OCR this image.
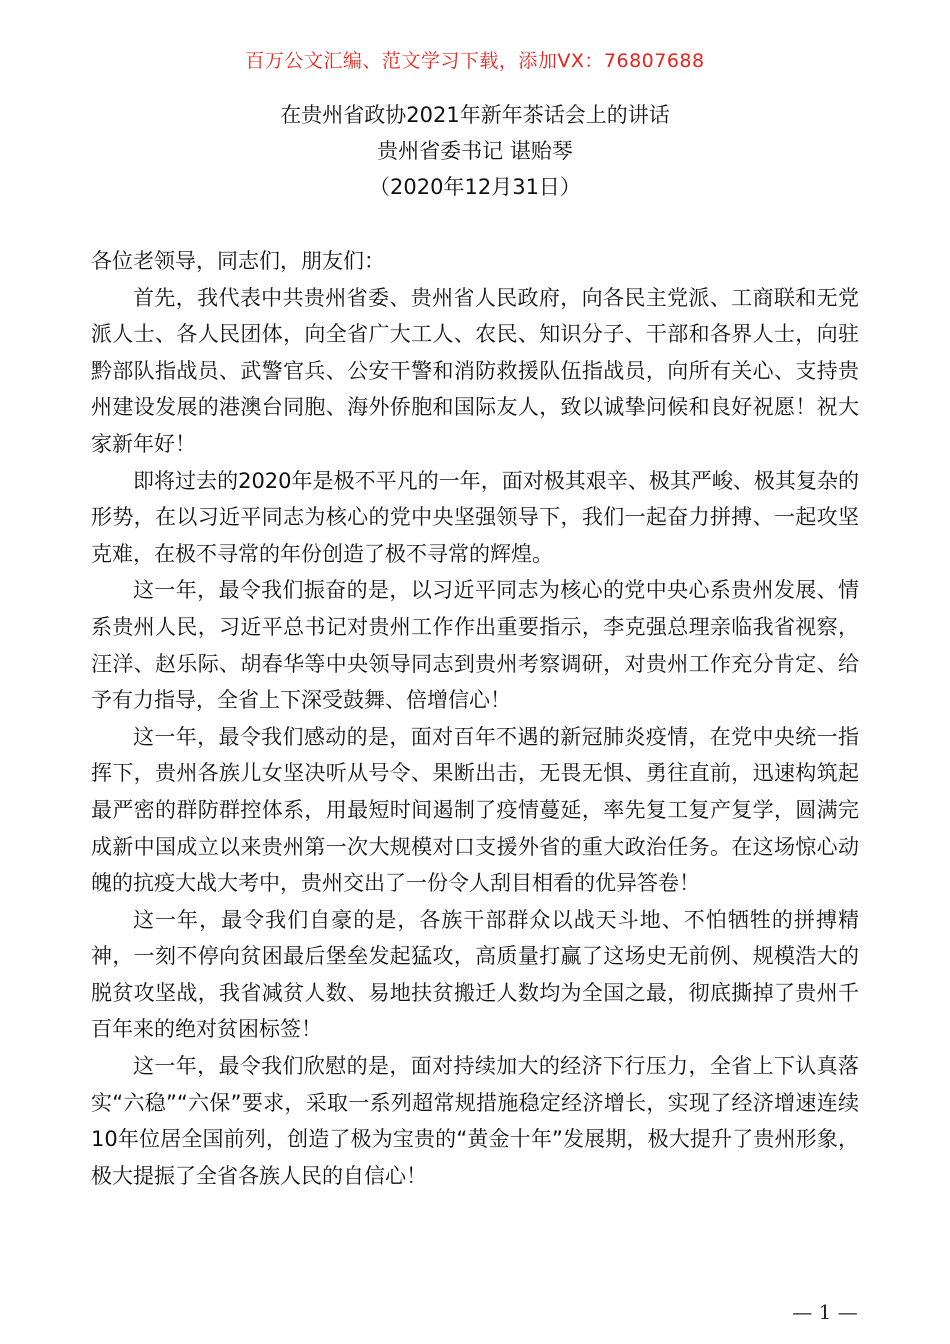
百万公文汇编、范文学习下载，添加VX：76807688
在贵州省政协2021年新年茶话会上的讲话
贵州省委书记 谌贻琴
（2020年12月31日）

各位老领导，同志们，朋友们：

首先，我代表中共贵州省委、贵州省人民政府，向各民主党派、工商联和无党派人士、各人民团体，向全省广大工人、农民、知识分子、干部和各界人士，向驻黔部队指战员、武警官兵、公安干警和消防救援队伍指战员，向所有关心、支持贵州建设发展的港澳台同胞、海外侨胞和国际友人，致以诚挚问候和良好祝愿！祝大家新年好！

即将过去的2020年是极不平凡的一年，面对极其艰辛、极其严峻、极其复杂的形势，在以习近平同志为核心的党中央坚强领导下，我们一起奋力拼搏、一起攻坚克难，在极不寻常的年份创造了极不寻常的辉煌。

这一年，最令我们振奋的是，以习近平同志为核心的党中央心系贵州发展、情系贵州人民，习近平总书记对贵州工作作出重要指示，李克强总理亲临我省视察，汪洋、赵乐际、胡春华等中央领导同志到贵州考察调研，对贵州工作充分肯定、给予有力指导，全省上下深受鼓舞、倍增信心！

这一年，最令我们感动的是，面对百年不遇的新冠肺炎疫情，在党中央统一指挥下，贵州各族儿女坚决听从号令、果断出击，无畏无惧、勇往直前，迅速构筑起最严密的群防群控体系，用最短时间遏制了疫情蔓延，率先复工复产复学，圆满完成新中国成立以来贵州第一次大规模对口支援外省的重大政治任务。在这场惊心动魄的抗疫大战大考中，贵州交出了一份令人刮目相看的优异答卷！

这一年，最令我们自豪的是，各族干部群众以战天斗地、不怕牺牲的拼搏精神，一刻不停向贫困最后堡垒发起猛攻，高质量打赢了这场史无前例、规模浩大的脱贫攻坚战，我省减贫人数、易地扶贫搬迁人数均为全国之最，彻底撕掉了贵州千百年来的绝对贫困标签！

这一年，最令我们欣慰的是，面对持续加大的经济下行压力，全省上下认真落实“六稳”“六保”要求，采取一系列超常规措施稳定经济增长，实现了经济增速连续10年位居全国前列，创造了极为宝贵的“黄金十年”发展期，极大提升了贵州形象，极大提振了全省各族人民的自信心！

— 1 —
